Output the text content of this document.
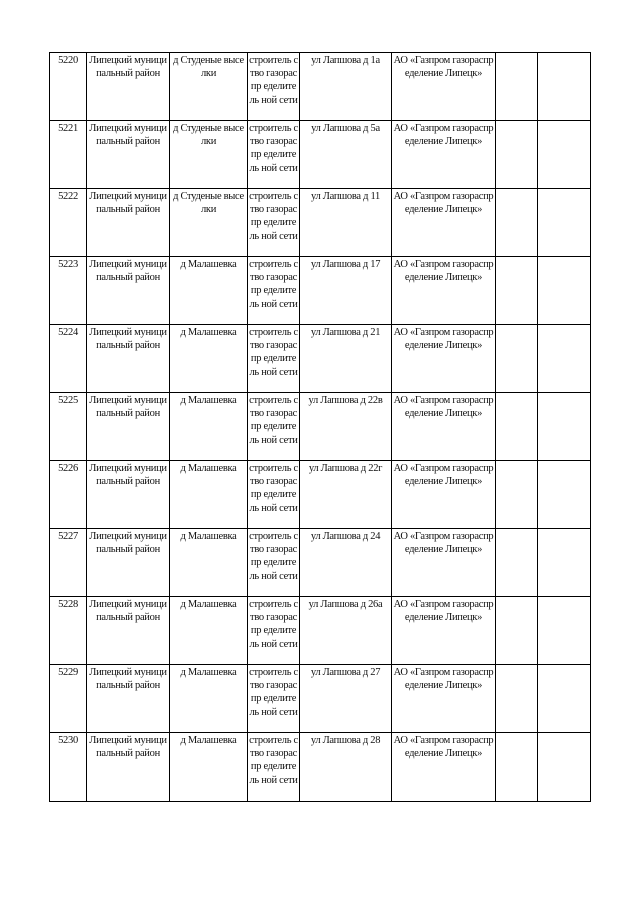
5220	Липецкий муниципальный район	д Студеные выселки	строитель ство газораспр еделитель ной сети	ул Лапшова д 1а	АО «Газпром газораспределение Липецк»		
5221	Липецкий муниципальный район	д Студеные выселки	строитель ство газораспр еделитель ной сети	ул Лапшова д 5а	АО «Газпром газораспределение Липецк»		
5222	Липецкий муниципальный район	д Студеные выселки	строитель ство газораспр еделитель ной сети	ул Лапшова д 11	АО «Газпром газораспределение Липецк»		
5223	Липецкий муниципальный район	д Малашевка	строитель ство газораспр еделитель ной сети	ул Лапшова д 17	АО «Газпром газораспределение Липецк»		
5224	Липецкий муниципальный район	д Малашевка	строитель ство газораспр еделитель ной сети	ул Лапшова д 21	АО «Газпром газораспределение Липецк»		
5225	Липецкий муниципальный район	д Малашевка	строитель ство газораспр еделитель ной сети	ул Лапшова д 22в	АО «Газпром газораспределение Липецк»		
5226	Липецкий муниципальный район	д Малашевка	строитель ство газораспр еделитель ной сети	ул Лапшова д 22г	АО «Газпром газораспределение Липецк»		
5227	Липецкий муниципальный район	д Малашевка	строитель ство газораспр еделитель ной сети	ул Лапшова д 24	АО «Газпром газораспределение Липецк»		
5228	Липецкий муниципальный район	д Малашевка	строитель ство газораспр еделитель ной сети	ул Лапшова д 26а	АО «Газпром газораспределение Липецк»		
5229	Липецкий муниципальный район	д Малашевка	строитель ство газораспр еделитель ной сети	ул Лапшова д 27	АО «Газпром газораспределение Липецк»		
5230	Липецкий муниципальный район	д Малашевка	строитель ство газораспр еделитель ной сети	ул Лапшова д 28	АО «Газпром газораспределение Липецк»		
